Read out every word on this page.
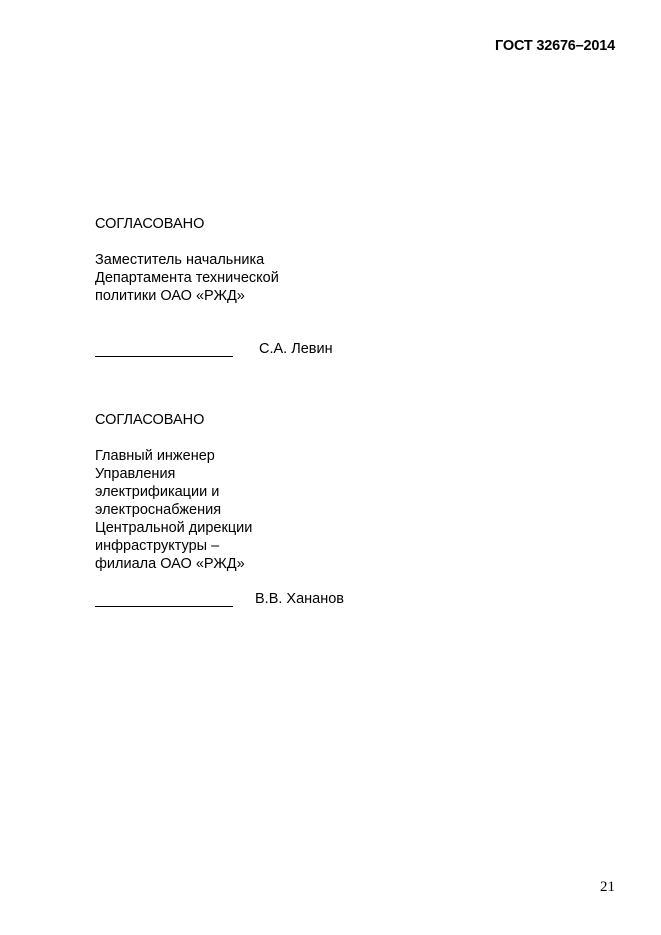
ГОСТ 32676–2014
СОГЛАСОВАНО
Заместитель начальника
Департамента технической
политики ОАО «РЖД»
С.А. Левин
СОГЛАСОВАНО
Главный инженер
Управления
электрификации и
электроснабжения
Центральной дирекции
инфраструктуры –
филиала ОАО «РЖД»
В.В. Хананов
21
